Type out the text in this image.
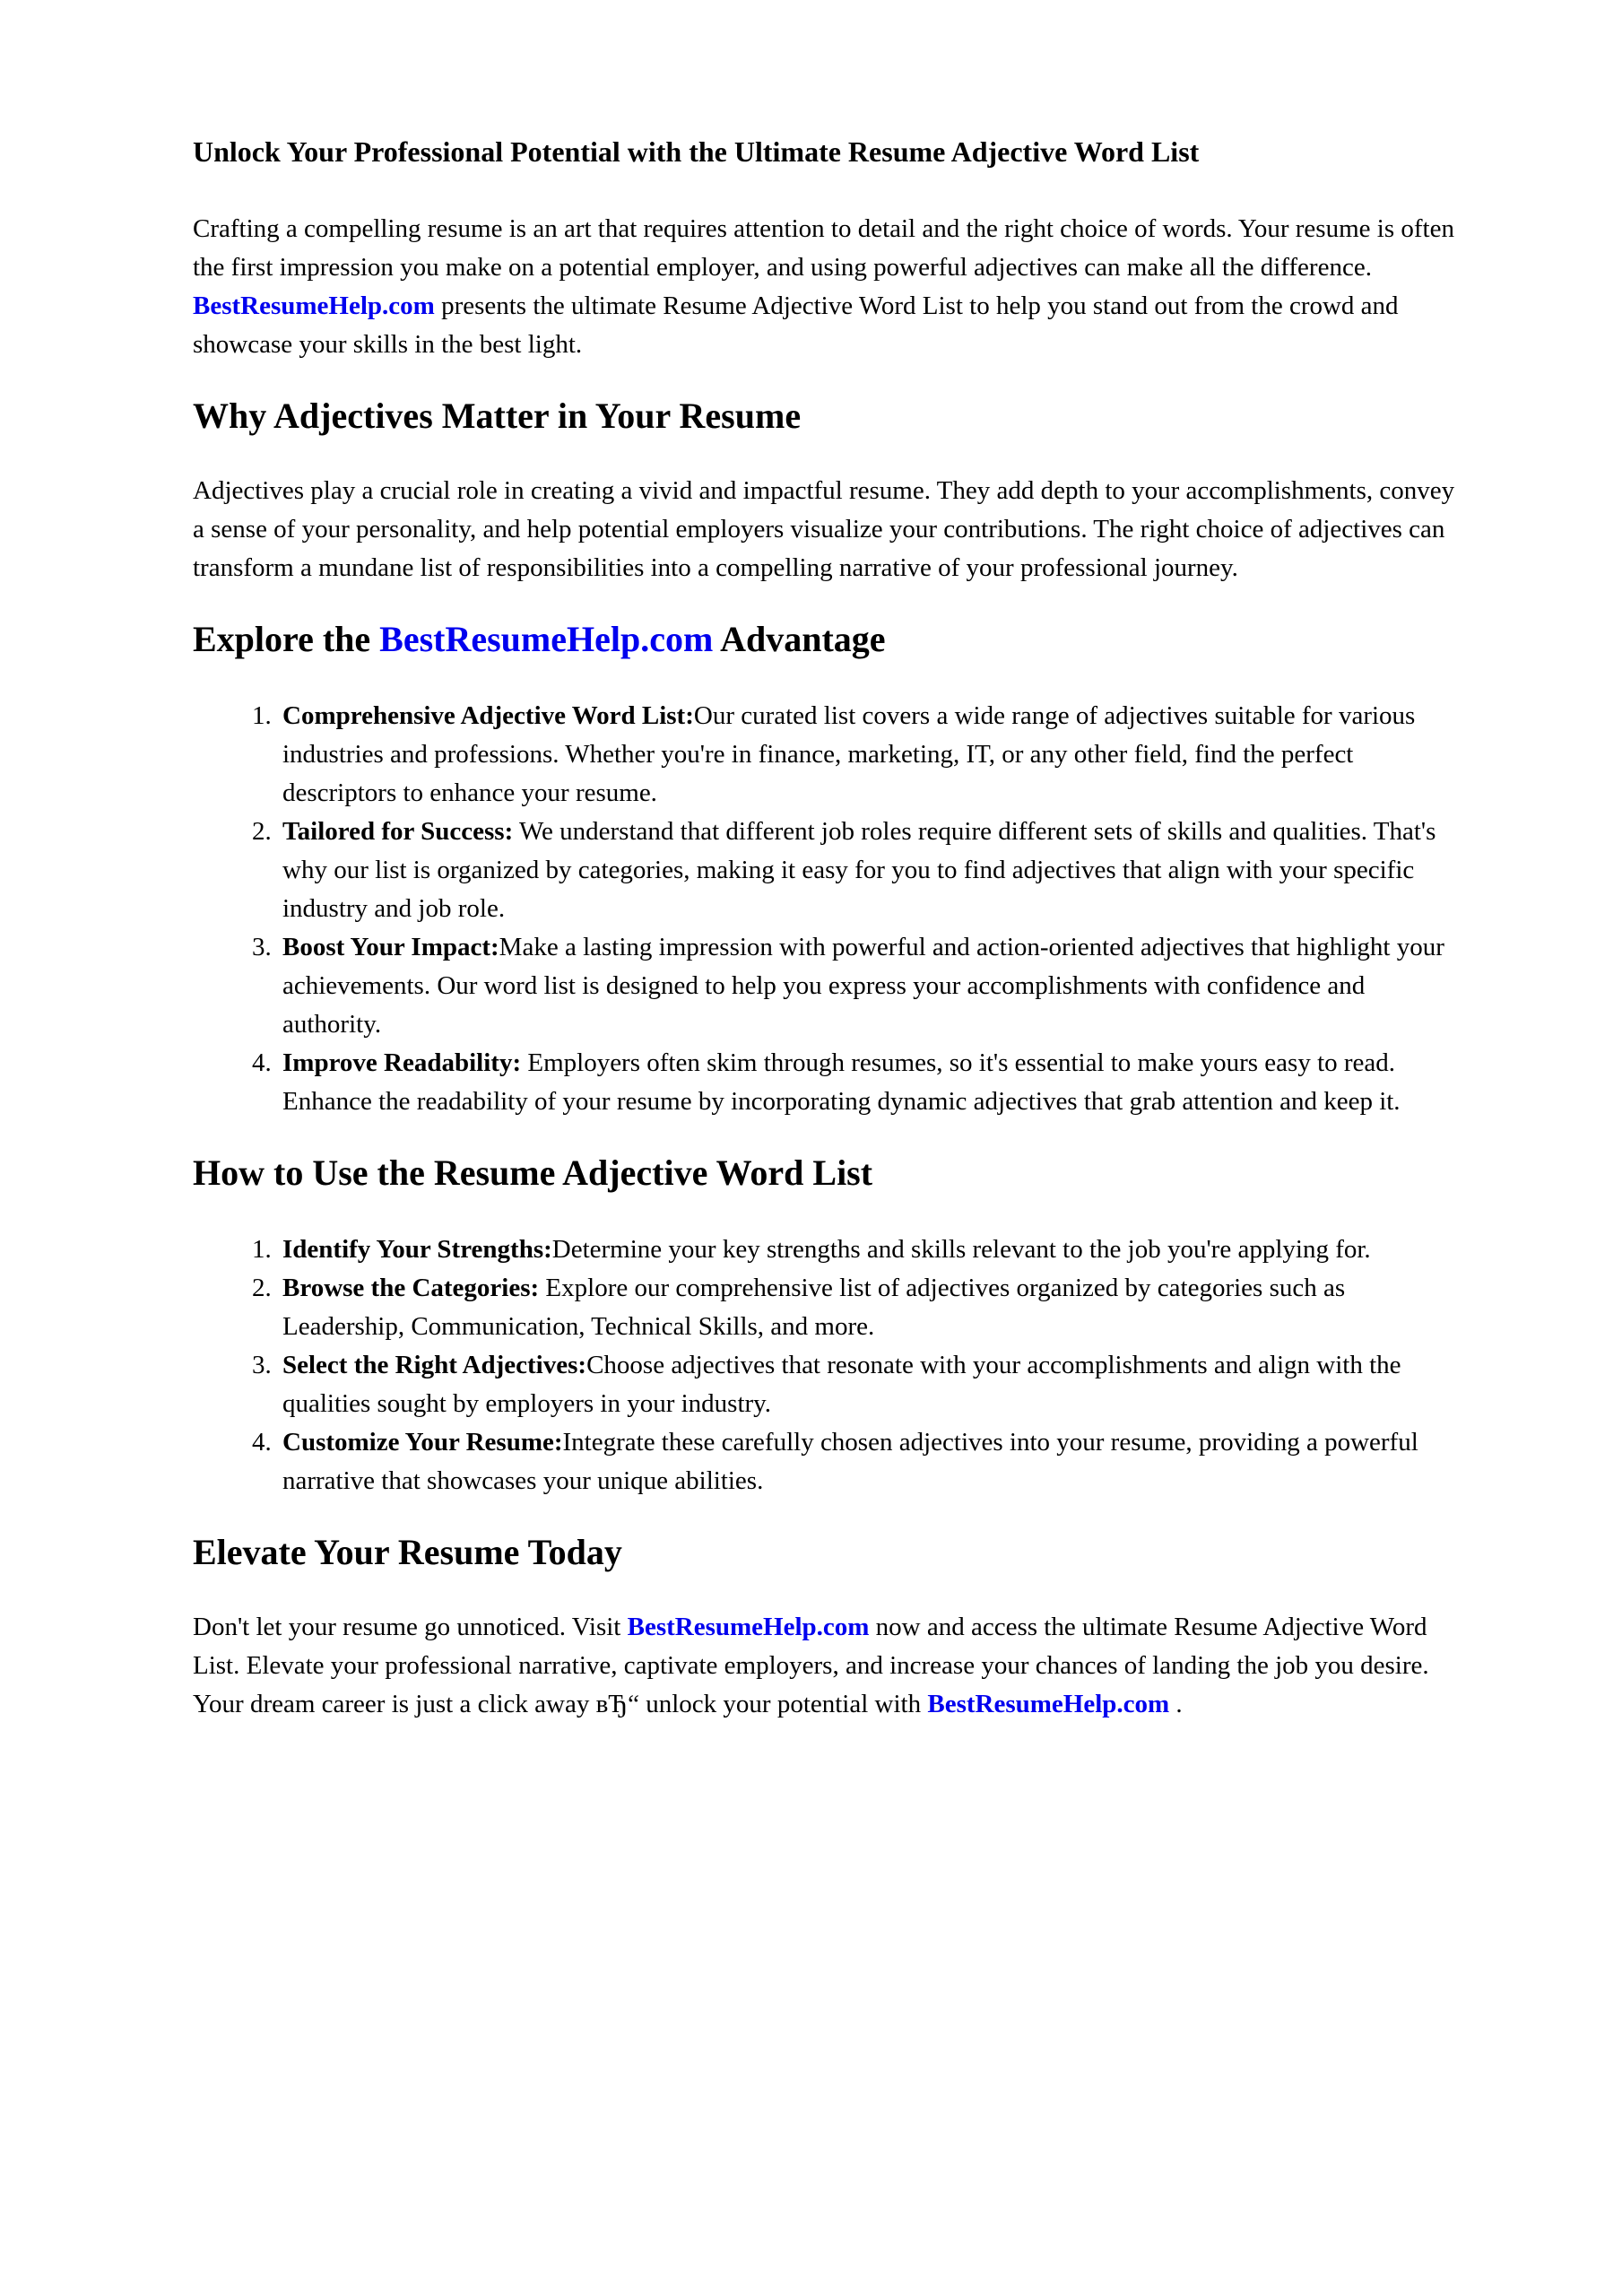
Unlock Your Professional Potential with the Ultimate Resume Adjective Word List

Crafting a compelling resume is an art that requires attention to detail and the right choice of words. Your resume is often the first impression you make on a potential employer, and using powerful adjectives can make all the difference. BestResumeHelp.com presents the ultimate Resume Adjective Word List to help you stand out from the crowd and showcase your skills in the best light.

Why Adjectives Matter in Your Resume

Adjectives play a crucial role in creating a vivid and impactful resume. They add depth to your accomplishments, convey a sense of your personality, and help potential employers visualize your contributions. The right choice of adjectives can transform a mundane list of responsibilities into a compelling narrative of your professional journey.

Explore the BestResumeHelp.com Advantage
1. Comprehensive Adjective Word List:Our curated list covers a wide range of adjectives suitable for various industries and professions. Whether you're in finance, marketing, IT, or any other field, find the perfect descriptors to enhance your resume.
2. Tailored for Success: We understand that different job roles require different sets of skills and qualities. That's why our list is organized by categories, making it easy for you to find adjectives that align with your specific industry and job role.
3. Boost Your Impact:Make a lasting impression with powerful and action-oriented adjectives that highlight your achievements. Our word list is designed to help you express your accomplishments with confidence and authority.
4. Improve Readability: Employers often skim through resumes, so it's essential to make yours easy to read. Enhance the readability of your resume by incorporating dynamic adjectives that grab attention and keep it.
How to Use the Resume Adjective Word List
1. Identify Your Strengths:Determine your key strengths and skills relevant to the job you're applying for.
2. Browse the Categories: Explore our comprehensive list of adjectives organized by categories such as Leadership, Communication, Technical Skills, and more.
3. Select the Right Adjectives:Choose adjectives that resonate with your accomplishments and align with the qualities sought by employers in your industry.
4. Customize Your Resume:Integrate these carefully chosen adjectives into your resume, providing a powerful narrative that showcases your unique abilities.
Elevate Your Resume Today

Don't let your resume go unnoticed. Visit BestResumeHelp.com now and access the ultimate Resume Adjective Word List. Elevate your professional narrative, captivate employers, and increase your chances of landing the job you desire. Your dream career is just a click away вЂ“ unlock your potential with BestResumeHelp.com .
